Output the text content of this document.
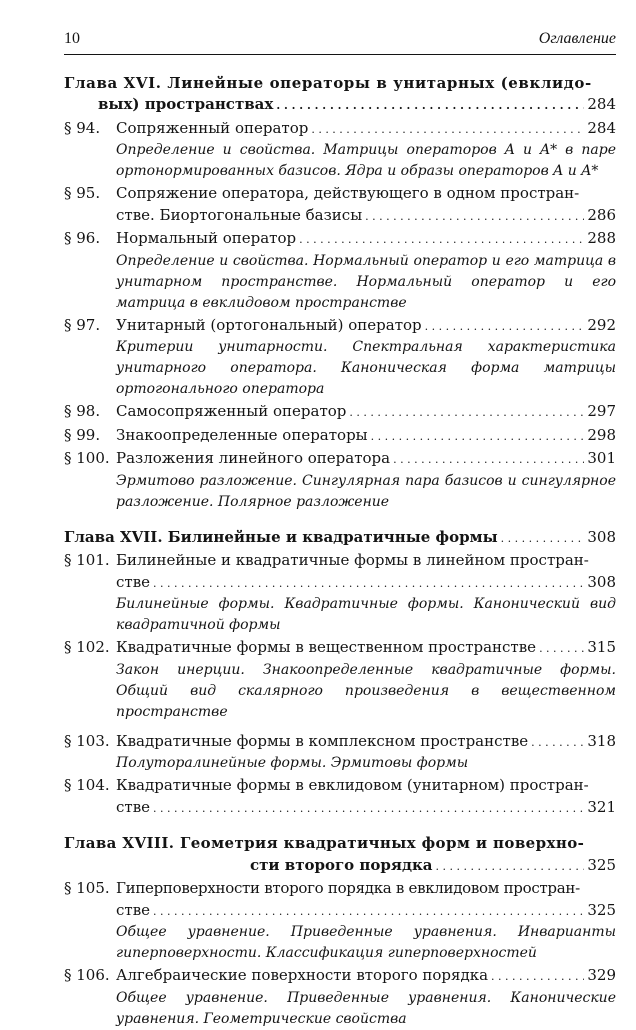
10	Оглавление
Глава XVI. Линейные операторы в унитарных (евклидо-
вых) пространствах . . .	284
§ 94.	Сопряженный оператор . . .	284
Определение и свойства. Матрицы операторов A и A* в паре ортонормированных базисов. Ядра и образы операторов A и A*
§ 95.	Сопряжение оператора, действующего в одном простран-
стве. Биортогональные базисы . . .	286
§ 96.	Нормальный оператор . . .	288
Определение и свойства. Нормальный оператор и его матрица в унитарном пространстве. Нормальный оператор и его матрица в евклидовом пространстве
§ 97.	Унитарный (ортогональный) оператор . . .	292
Критерии унитарности. Спектральная характеристика унитарного оператора. Каноническая форма матрицы ортогонального оператора
§ 98.	Самосопряженный оператор . . .	297
§ 99.	Знакоопределенные операторы . . .	298
§ 100. Разложения линейного оператора . . .	301
Эрмитово разложение. Сингулярная пара базисов и сингулярное разложение. Полярное разложение
Глава XVII. Билинейные и квадратичные формы . . .	308
§ 101. Билинейные и квадратичные формы в линейном простран-
стве . . .	308
Билинейные формы. Квадратичные формы. Канонический вид квадратичной формы
§ 102. Квадратичные формы в вещественном пространстве . . .	315
Закон инерции. Знакоопределенные квадратичные формы. Общий вид скалярного произведения в вещественном пространстве
§ 103. Квадратичные формы в комплексном пространстве . . .	318
Полуторалинейные формы. Эрмитовы формы
§ 104. Квадратичные формы в евклидовом (унитарном) простран-
стве . . .	321
Глава XVIII. Геометрия квадратичных форм и поверхно-
сти второго порядка . . .	325
§ 105. Гиперповерхности второго порядка в евклидовом простран-
стве . . .	325
Общее уравнение. Приведенные уравнения. Инварианты гиперповерхности. Классификация гиперповерхностей
§ 106. Алгебраические поверхности второго порядка . . .	329
Общее уравнение. Приведенные уравнения. Канонические уравнения. Геометрические свойства
